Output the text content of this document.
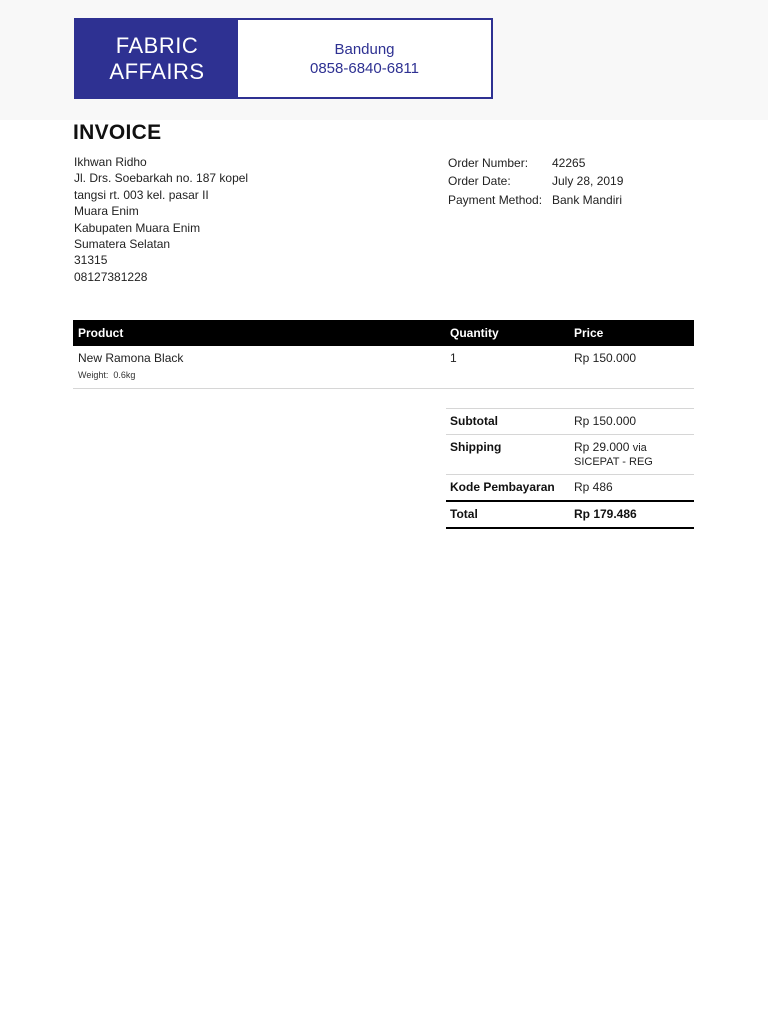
FABRIC
AFFAIRS
Bandung
0858-6840-6811
INVOICE
Ikhwan Ridho
Jl. Drs. Soebarkah no. 187 kopel
tangsi rt. 003 kel. pasar II
Muara Enim
Kabupaten Muara Enim
Sumatera Selatan
31315
08127381228
Order Number:	42265
Order Date:	July 28, 2019
Payment Method:	Bank Mandiri
Product	Quantity	Price

New Ramona Black
Weight: 0.6kg	1	Rp 150.000
Subtotal	Rp 150.000
Shipping	Rp 29.000 via
SICEPAT - REG

Kode Pembayaran	Rp 486
Total	Rp 179.486
